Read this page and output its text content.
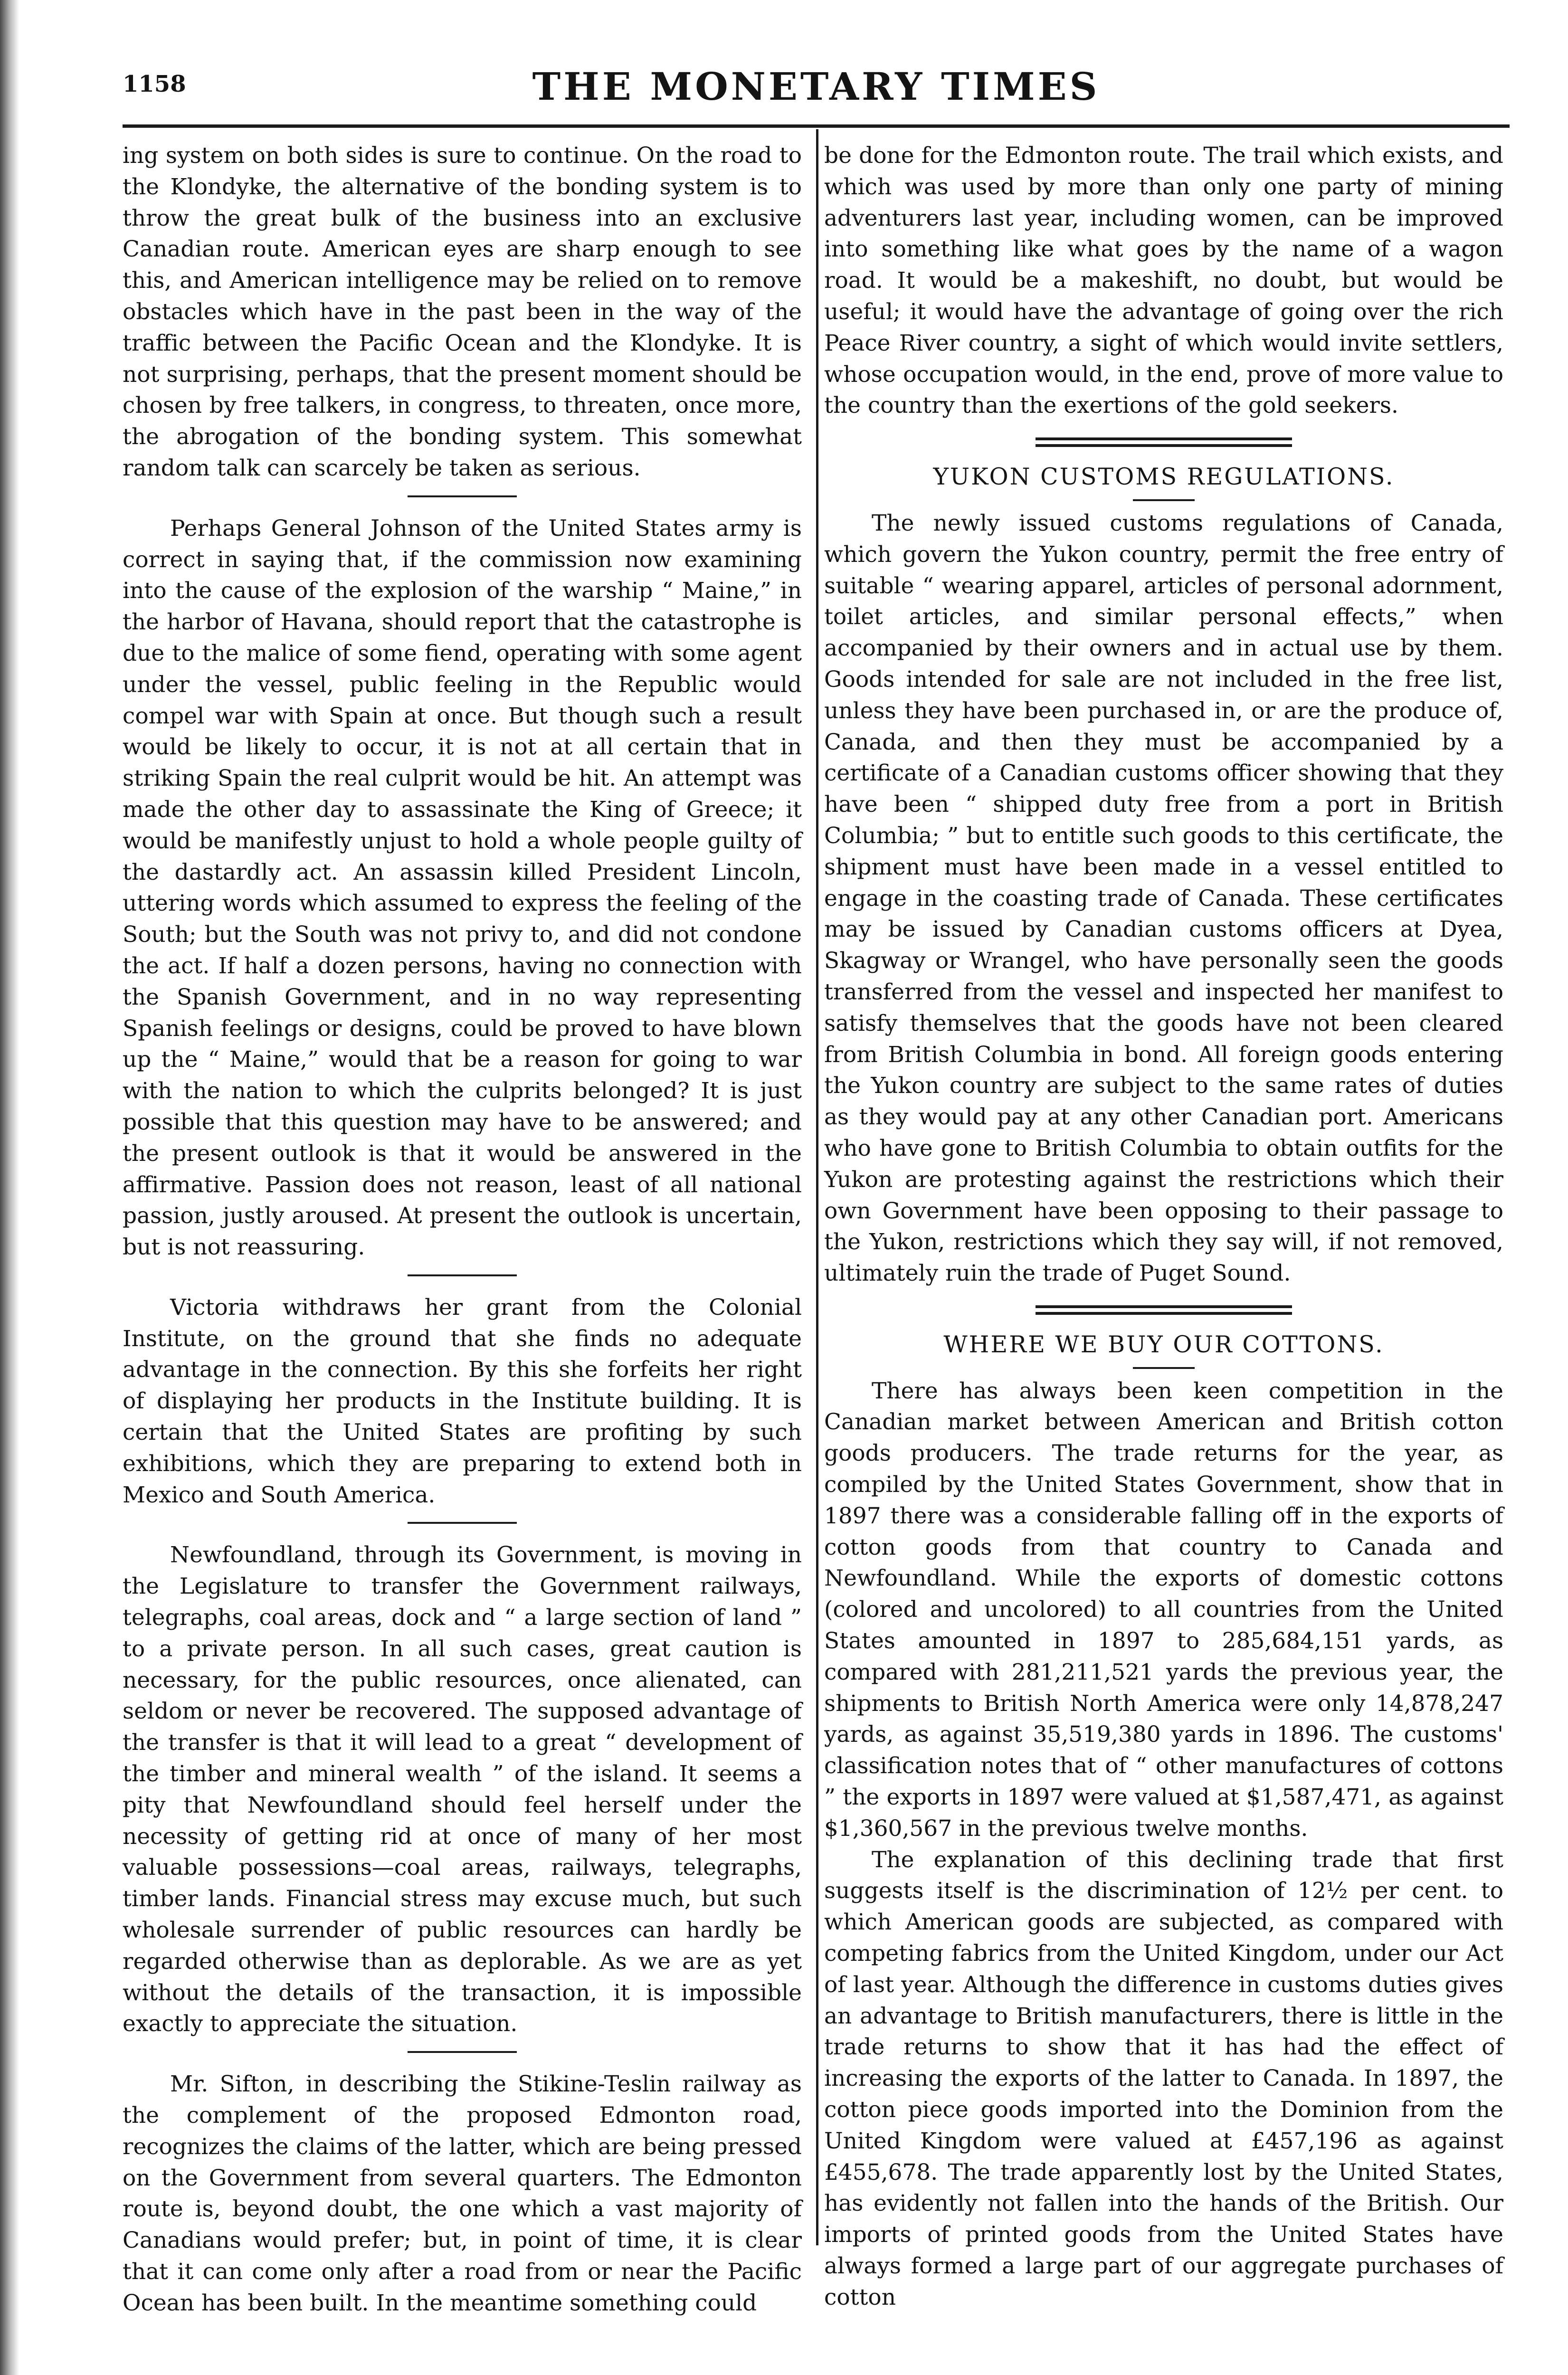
1158	THE MONETARY TIMES

ing system on both sides is sure to continue. On the road to the Klondyke, the alternative of the bonding system is to throw the great bulk of the business into an exclusive Canadian route. American eyes are sharp enough to see this, and American intelligence may be relied on to remove obstacles which have in the past been in the way of the traffic between the Pacific Ocean and the Klondyke. It is not surprising, perhaps, that the present moment should be chosen by free talkers, in congress, to threaten, once more, the abrogation of the bonding system. This somewhat random talk can scarcely be taken as serious.

Perhaps General Johnson of the United States army is correct in saying that, if the commission now examining into the cause of the explosion of the warship “ Maine,” in the harbor of Havana, should report that the catastrophe is due to the malice of some fiend, operating with some agent under the vessel, public feeling in the Republic would compel war with Spain at once. But though such a result would be likely to occur, it is not at all certain that in striking Spain the real culprit would be hit. An attempt was made the other day to assassinate the King of Greece; it would be manifestly unjust to hold a whole people guilty of the dastardly act. An assassin killed President Lincoln, uttering words which assumed to express the feeling of the South; but the South was not privy to, and did not condone the act. If half a dozen persons, having no connection with the Spanish Government, and in no way representing Spanish feelings or designs, could be proved to have blown up the “ Maine,” would that be a reason for going to war with the nation to which the culprits belonged? It is just possible that this question may have to be answered; and the present outlook is that it would be answered in the affirmative. Passion does not reason, least of all national passion, justly aroused. At present the outlook is uncertain, but is not reassuring.

Victoria withdraws her grant from the Colonial Institute, on the ground that she finds no adequate advantage in the connection. By this she forfeits her right of displaying her products in the Institute building. It is certain that the United States are profiting by such exhibitions, which they are preparing to extend both in Mexico and South America.

Newfoundland, through its Government, is moving in the Legislature to transfer the Government railways, telegraphs, coal areas, dock and “ a large section of land ” to a private person. In all such cases, great caution is necessary, for the public resources, once alienated, can seldom or never be recovered. The supposed advantage of the transfer is that it will lead to a great “ development of the timber and mineral wealth ” of the island. It seems a pity that Newfoundland should feel herself under the necessity of getting rid at once of many of her most valuable possessions—coal areas, railways, telegraphs, timber lands. Financial stress may excuse much, but such wholesale surrender of public resources can hardly be regarded otherwise than as deplorable. As we are as yet without the details of the transaction, it is impossible exactly to appreciate the situation.

Mr. Sifton, in describing the Stikine-Teslin railway as the complement of the proposed Edmonton road, recognizes the claims of the latter, which are being pressed on the Government from several quarters. The Edmonton route is, beyond doubt, the one which a vast majority of Canadians would prefer; but, in point of time, it is clear that it can come only after a road from or near the Pacific Ocean has been built. In the meantime something could

be done for the Edmonton route. The trail which exists, and which was used by more than only one party of mining adventurers last year, including women, can be improved into something like what goes by the name of a wagon road. It would be a makeshift, no doubt, but would be useful; it would have the advantage of going over the rich Peace River country, a sight of which would invite settlers, whose occupation would, in the end, prove of more value to the country than the exertions of the gold seekers.

YUKON CUSTOMS REGULATIONS.

The newly issued customs regulations of Canada, which govern the Yukon country, permit the free entry of suitable “ wearing apparel, articles of personal adornment, toilet articles, and similar personal effects,” when accompanied by their owners and in actual use by them. Goods intended for sale are not included in the free list, unless they have been purchased in, or are the produce of, Canada, and then they must be accompanied by a certificate of a Canadian customs officer showing that they have been “ shipped duty free from a port in British Columbia; ” but to entitle such goods to this certificate, the shipment must have been made in a vessel entitled to engage in the coasting trade of Canada. These certificates may be issued by Canadian customs officers at Dyea, Skagway or Wrangel, who have personally seen the goods transferred from the vessel and inspected her manifest to satisfy themselves that the goods have not been cleared from British Columbia in bond. All foreign goods entering the Yukon country are subject to the same rates of duties as they would pay at any other Canadian port. Americans who have gone to British Columbia to obtain outfits for the Yukon are protesting against the restrictions which their own Government have been opposing to their passage to the Yukon, restrictions which they say will, if not removed, ultimately ruin the trade of Puget Sound.

WHERE WE BUY OUR COTTONS.

There has always been keen competition in the Canadian market between American and British cotton goods producers. The trade returns for the year, as compiled by the United States Government, show that in 1897 there was a considerable falling off in the exports of cotton goods from that country to Canada and Newfoundland. While the exports of domestic cottons (colored and uncolored) to all countries from the United States amounted in 1897 to 285,684,151 yards, as compared with 281,211,521 yards the previous year, the shipments to British North America were only 14,878,247 yards, as against 35,519,380 yards in 1896. The customs' classification notes that of “ other manufactures of cottons ” the exports in 1897 were valued at $1,587,471, as against $1,360,567 in the previous twelve months.

The explanation of this declining trade that first suggests itself is the discrimination of 12½ per cent. to which American goods are subjected, as compared with competing fabrics from the United Kingdom, under our Act of last year. Although the difference in customs duties gives an advantage to British manufacturers, there is little in the trade returns to show that it has had the effect of increasing the exports of the latter to Canada. In 1897, the cotton piece goods imported into the Dominion from the United Kingdom were valued at £457,196 as against £455,678. The trade apparently lost by the United States, has evidently not fallen into the hands of the British. Our imports of printed goods from the United States have always formed a large part of our aggregate purchases of cotton
